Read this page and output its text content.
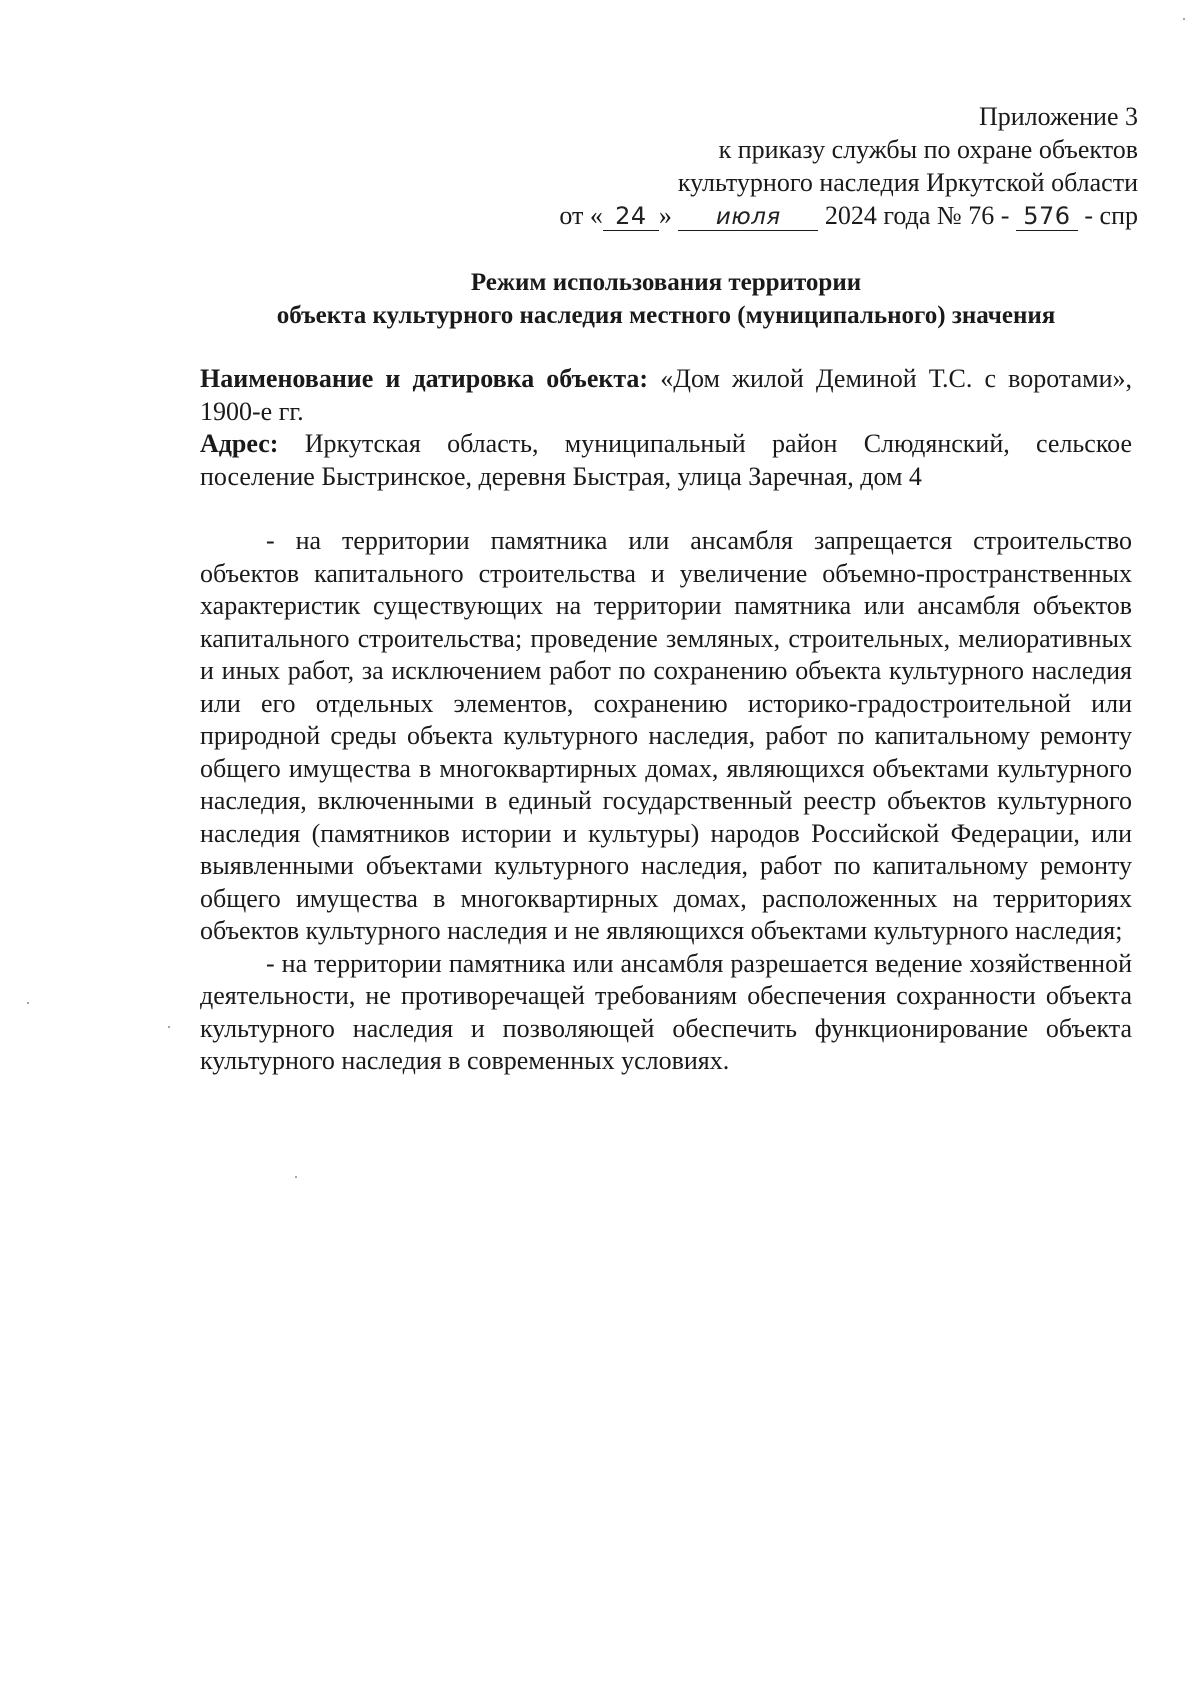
Приложение 3
к приказу службы по охране объектов
культурного наследия Иркутской области
от « 24 » июля 2024 года № 76 - 576 - спр
Режим использования территории
объекта культурного наследия местного (муниципального) значения

Наименование и датировка объекта: «Дом жилой Деминой Т.С. с воротами», 1900-е гг.

Адрес: Иркутская область, муниципальный район Слюдянский, сельское поселение Быстринское, деревня Быстрая, улица Заречная, дом 4

- на территории памятника или ансамбля запрещается строительство объектов капитального строительства и увеличение объемно-пространственных характеристик существующих на территории памятника или ансамбля объектов капитального строительства; проведение земляных, строительных, мелиоративных и иных работ, за исключением работ по сохранению объекта культурного наследия или его отдельных элементов, сохранению историко-градостроительной или природной среды объекта культурного наследия, работ по капитальному ремонту общего имущества в многоквартирных домах, являющихся объектами культурного наследия, включенными в единый государственный реестр объектов культурного наследия (памятников истории и культуры) народов Российской Федерации, или выявленными объектами культурного наследия, работ по капитальному ремонту общего имущества в многоквартирных домах, расположенных на территориях объектов культурного наследия и не являющихся объектами культурного наследия;

- на территории памятника или ансамбля разрешается ведение хозяйственной деятельности, не противоречащей требованиям обеспечения сохранности объекта культурного наследия и позволяющей обеспечить функционирование объекта культурного наследия в современных условиях.
